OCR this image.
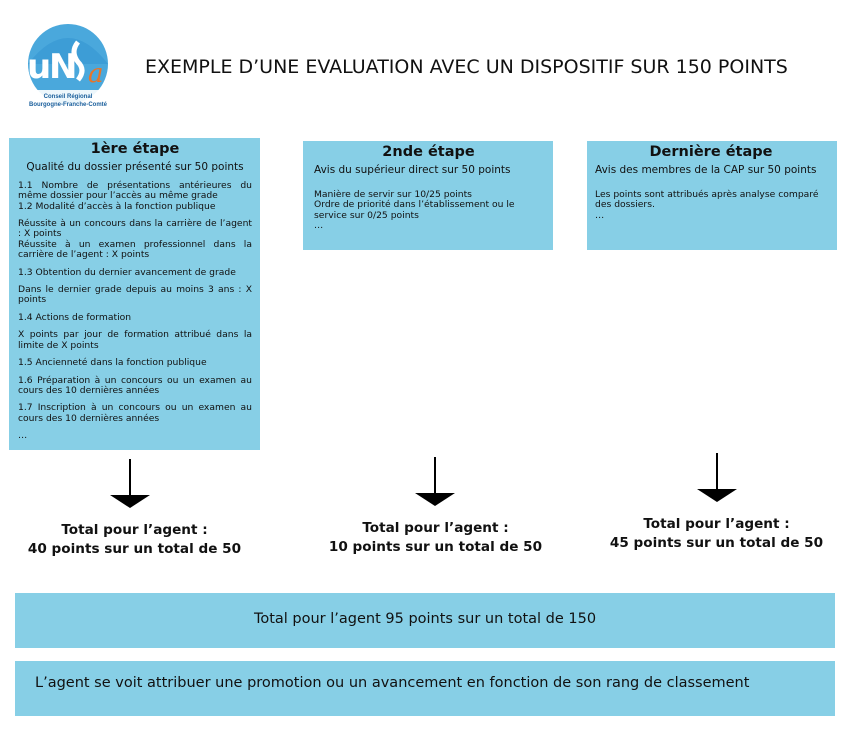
u
N a
Conseil Régional
Bourgogne-Franche-Comté
EXEMPLE D’UNE EVALUATION AVEC UN DISPOSITIF SUR 150 POINTS
1ère étape
Qualité du dossier présenté sur 50 points
1.1 Nombre de présentations antérieures du même dossier pour l’accès au même grade
1.2 Modalité d’accès à la fonction publique
Réussite à un concours dans la carrière de l’agent : X points
Réussite à un examen professionnel dans la carrière de l’agent : X points
1.3 Obtention du dernier avancement de grade
Dans le dernier grade depuis au moins 3 ans : X points
1.4 Actions de formation
X points par jour de formation attribué dans la limite de X points
1.5 Ancienneté dans la fonction publique
1.6 Préparation à un concours ou un examen au cours des 10 dernières années
1.7 Inscription à un concours ou un examen au cours des 10 dernières années
…
2nde étape
Avis du supérieur direct sur 50 points
Manière de servir sur 10/25 points
Ordre de priorité dans l’établissement ou le service sur 0/25 points
…
Dernière étape
Avis des membres de la CAP sur 50 points
Les points sont attribués après analyse comparé des dossiers.
…
Total pour l’agent :
40 points sur un total de 50
Total pour l’agent :
10 points sur un total de 50
Total pour l’agent :
45 points sur un total de 50
Total pour l’agent 95 points sur un total de 150
L’agent se voit attribuer une promotion ou un avancement en fonction de son rang de classement
